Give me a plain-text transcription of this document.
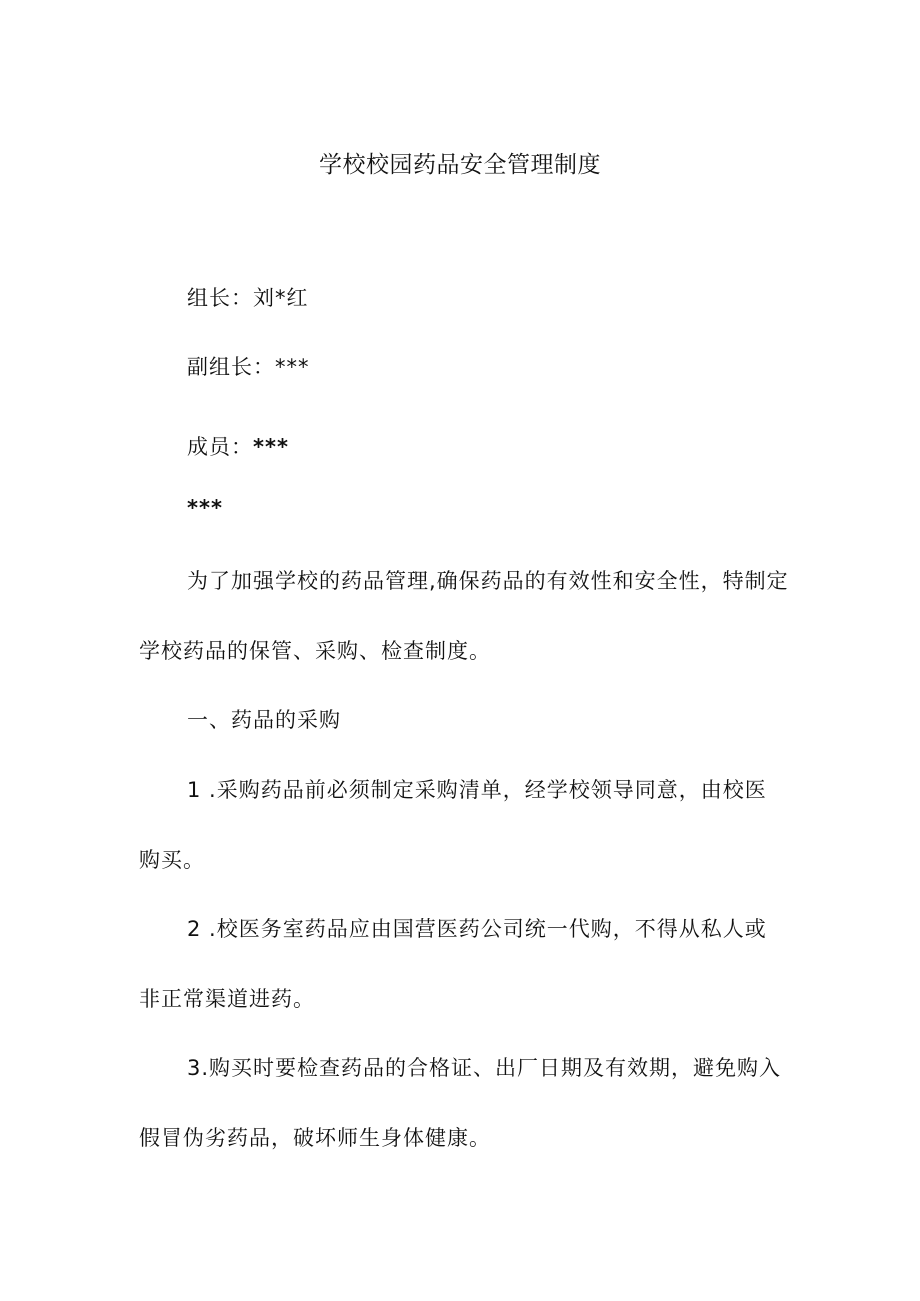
学校校园药品安全管理制度
组长：刘*红
副组长：***
成员：***
***
为了加强学校的药品管理,确保药品的有效性和安全性，特制定
学校药品的保管、采购、检查制度。
一、药品的采购
1 .采购药品前必须制定采购清单，经学校领导同意，由校医
购买。
2 .校医务室药品应由国营医药公司统一代购，不得从私人或
非正常渠道进药。
3.购买时要检查药品的合格证、出厂日期及有效期，避免购入
假冒伪劣药品，破坏师生身体健康。
